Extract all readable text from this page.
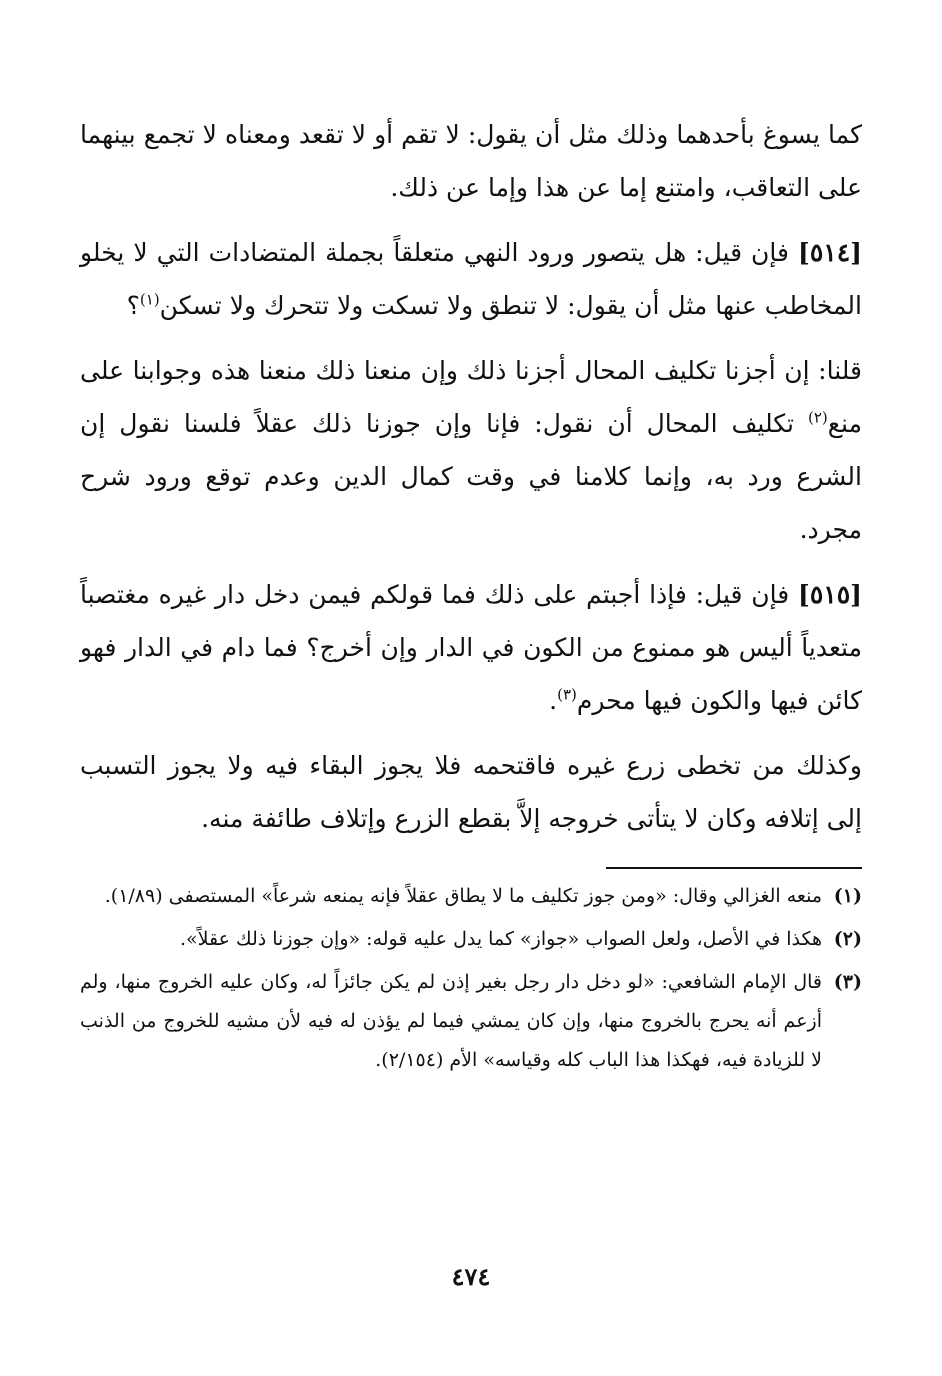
كما يسوغ بأحدهما وذلك مثل أن يقول: لا تقم أو لا تقعد ومعناه لا تجمع بينهما على التعاقب، وامتنع إما عن هذا وإما عن ذلك.

[٥١٤] فإن قيل: هل يتصور ورود النهي متعلقاً بجملة المتضادات التي لا يخلو المخاطب عنها مثل أن يقول: لا تنطق ولا تسكت ولا تتحرك ولا تسكن$^{(١)}$؟

قلنا: إن أجزنا تكليف المحال أجزنا ذلك وإن منعنا ذلك منعنا هذه وجوابنا على منع$^{(٢)}$ تكليف المحال أن نقول: فإنا وإن جوزنا ذلك عقلاً فلسنا نقول إن الشرع ورد به، وإنما كلامنا في وقت كمال الدين وعدم توقع ورود شرح مجرد.

[٥١٥] فإن قيل: فإذا أجبتم على ذلك فما قولكم فيمن دخل دار غيره مغتصباً متعدياً أليس هو ممنوع من الكون في الدار وإن أخرج؟ فما دام في الدار فهو كائن فيها والكون فيها محرم$^{(٣)}$.

وكذلك من تخطى زرع غيره فاقتحمه فلا يجوز البقاء فيه ولا يجوز التسبب إلى إتلافه وكان لا يتأتى خروجه إلاَّ بقطع الزرع وإتلاف طائفة منه.

(١)
منعه الغزالي وقال: «ومن جوز تكليف ما لا يطاق عقلاً فإنه يمنعه شرعاً» المستصفى (١/٨٩).
(٢)
هكذا في الأصل، ولعل الصواب «جواز» كما يدل عليه قوله: «وإن جوزنا ذلك عقلاً».
(٣)
قال الإمام الشافعي: «لو دخل دار رجل بغير إذن لم يكن جائزاً له، وكان عليه الخروج منها، ولم أزعم أنه يحرج بالخروج منها، وإن كان يمشي فيما لم يؤذن له فيه لأن مشيه للخروج من الذنب لا للزيادة فيه، فهكذا هذا الباب كله وقياسه» الأم (٢/١٥٤).
٤٧٤
